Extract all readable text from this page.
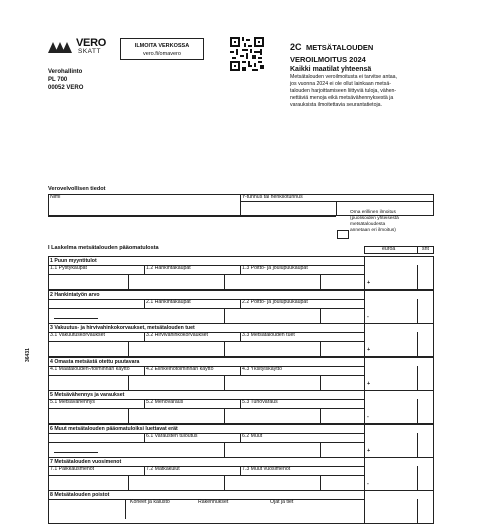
VERO
SKATT
Verohallinto
PL 700
00052 VERO
ILMOITA VERKOSSA
vero.fi/omavero
2C METSÄTALOUDEN
VEROILMOITUS 2024
Kaikki maatilat yhteensä
Metsätalouden veroilmoitusta ei tarvitse antaa,
jos vuonna 2024 ei ole ollut lainkaan metsä-
talouden harjoittamiseen liittyviä tuloja, vähen-
nettäviä menoja eikä metsävähennyksestä ja
varauksista ilmoitettavia seurantatietoja.
36431
Verovelvollisen tiedot
Nimi	Y-tunnus tai henkilötunnus
Oma erillinen ilmoitus
(puolisoiden yhteisestä
metsätaloudesta
annetaan eri ilmoitus)
I Laskelma metsätalouden pääomatulosta	euroa	snt
1 Puun myyntitulot
1.1 Pystykaupat	1.2 Hankintakaupat	1.3 Poltto- ja joulupuukaupat
+
2 Hankintatyön arvo
2.1 Hankintakaupat	2.2 Poltto- ja joulupuukaupat
-
3 Vakuutus- ja hirvivahinkokorvaukset, metsätalouden tuet
3.1 Vakuutuskorvaukset	3.2 Hirvivahinkokorvaukset	3.3 Metsätalouden tuet
+
4 Omasta metsästä otettu puutavara
4.1 Maatalouden-/toiminnan käyttö	4.2 Elinkeinotoiminnan käyttö	4.3 Yksityiskäyttö
+
5 Metsävähennys ja varaukset
5.1 Metsävähennys	5.2 Menovaraus	5.3 Tuhovaraus
-
6 Muut metsätalouden pääomatuloiksi luettavat erät
6.1 Varausten tuloutus	6.2 Muut
+
7 Metsätalouden vuosimenot
7.1 Palkkausmenot	7.2 Matkakulut	7.3 Muut vuosimenot
-
8 Metsätalouden poistot
Koneet ja kalusto	Rakennukset	Ojat ja tiet
